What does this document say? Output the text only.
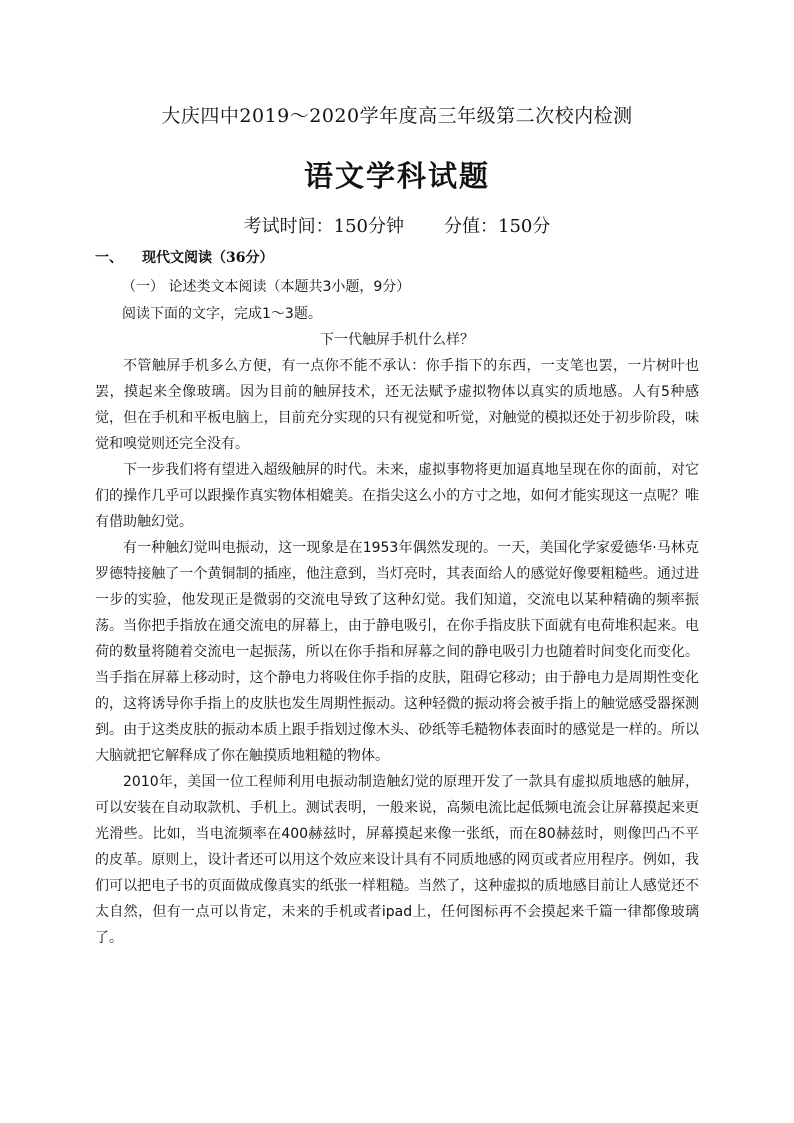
大庆四中2019～2020学年度高三年级第二次校内检测
语文学科试题
考试时间：150分钟 分值：150分
一、 现代文阅读（36分）
（一） 论述类文本阅读（本题共3小题，9分）
阅读下面的文字，完成1～3题。
下一代触屏手机什么样？

不管触屏手机多么方便，有一点你不能不承认：你手指下的东西，一支笔也罢，一片树叶也罢，摸起来全像玻璃。因为目前的触屏技术，还无法赋予虚拟物体以真实的质地感。人有5种感觉，但在手机和平板电脑上，目前充分实现的只有视觉和听觉，对触觉的模拟还处于初步阶段，味觉和嗅觉则还完全没有。

下一步我们将有望进入超级触屏的时代。未来，虚拟事物将更加逼真地呈现在你的面前，对它们的操作几乎可以跟操作真实物体相媲美。在指尖这么小的方寸之地，如何才能实现这一点呢？唯有借助触幻觉。

有一种触幻觉叫电振动，这一现象是在1953年偶然发现的。一天，美国化学家爱德华·马林克罗德特接触了一个黄铜制的插座，他注意到，当灯亮时，其表面给人的感觉好像要粗糙些。通过进一步的实验，他发现正是微弱的交流电导致了这种幻觉。我们知道，交流电以某种精确的频率振荡。当你把手指放在通交流电的屏幕上，由于静电吸引，在你手指皮肤下面就有电荷堆积起来。电荷的数量将随着交流电一起振荡，所以在你手指和屏幕之间的静电吸引力也随着时间变化而变化。当手指在屏幕上移动时，这个静电力将吸住你手指的皮肤，阻碍它移动；由于静电力是周期性变化的，这将诱导你手指上的皮肤也发生周期性振动。这种轻微的振动将会被手指上的触觉感受器探测到。由于这类皮肤的振动本质上跟手指划过像木头、砂纸等毛糙物体表面时的感觉是一样的。所以大脑就把它解释成了你在触摸质地粗糙的物体。

2010年，美国一位工程师利用电振动制造触幻觉的原理开发了一款具有虚拟质地感的触屏，可以安装在自动取款机、手机上。测试表明，一般来说，高频电流比起低频电流会让屏幕摸起来更光滑些。比如，当电流频率在400赫兹时，屏幕摸起来像一张纸，而在80赫兹时，则像凹凸不平的皮革。原则上，设计者还可以用这个效应来设计具有不同质地感的网页或者应用程序。例如，我们可以把电子书的页面做成像真实的纸张一样粗糙。当然了，这种虚拟的质地感目前让人感觉还不太自然，但有一点可以肯定，未来的手机或者ipad上，任何图标再不会摸起来千篇一律都像玻璃了。
